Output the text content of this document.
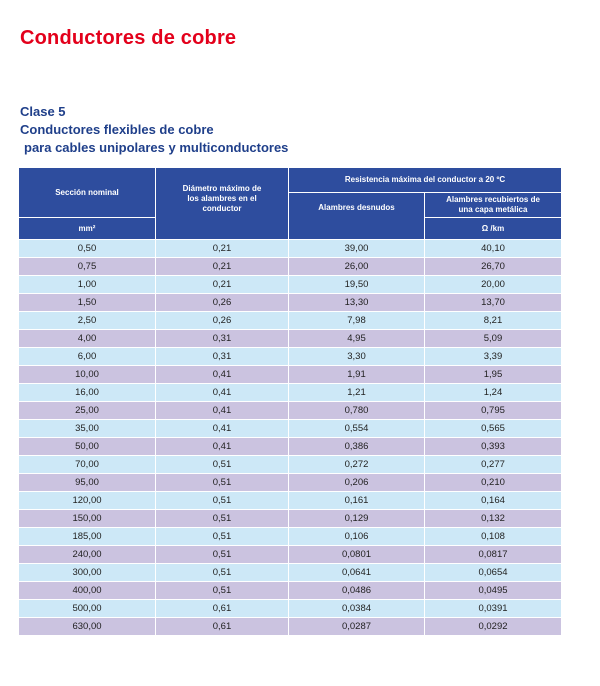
Conductores de cobre
Clase 5
Conductores flexibles de cobre
para cables unipolares y multiconductores
Sección nominal	Diámetro máximo de los alambres en el conductor	Resistencia máxima del conductor a 20 ºC	
		Alambres desnudos	Alambres recubiertos de una capa metálica

mm²			Ω /km
0,50	0,21	39,00	40,10
0,75	0,21	26,00	26,70
1,00	0,21	19,50	20,00
1,50	0,26	13,30	13,70
2,50	0,26	7,98	8,21
4,00	0,31	4,95	5,09
6,00	0,31	3,30	3,39
10,00	0,41	1,91	1,95
16,00	0,41	1,21	1,24
25,00	0,41	0,780	0,795
35,00	0,41	0,554	0,565
50,00	0,41	0,386	0,393
70,00	0,51	0,272	0,277
95,00	0,51	0,206	0,210
120,00	0,51	0,161	0,164
150,00	0,51	0,129	0,132
185,00	0,51	0,106	0,108
240,00	0,51	0,0801	0,0817
300,00	0,51	0,0641	0,0654
400,00	0,51	0,0486	0,0495
500,00	0,61	0,0384	0,0391
630,00	0,61	0,0287	0,0292
